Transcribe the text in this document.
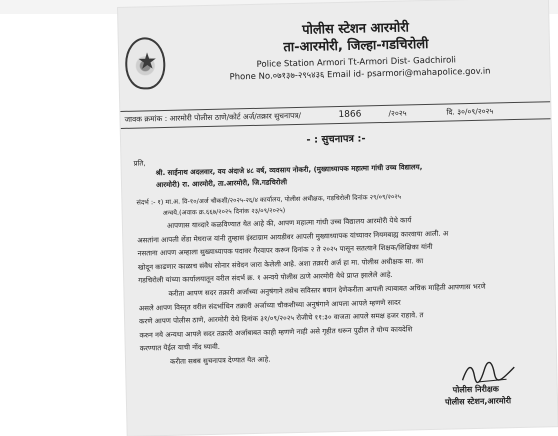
पोलीस स्टेशन आरमोरी
ता-आरमोरी, जिल्हा-गडचिरोली
Police Station Armori Tt-Armori Dist- Gadchiroli
Phone No.०७१३७-२९५४३६ Email id- psarmori@mahapolice.gov.in
जावक क्रमांक : आरमोरी पोलीस ठाणे/कोर्ट अर्ज/तक्रार सुचनापत्र/	1866	/२०२५	दि. ३०/०९/२०२५
- : सुचनापत्र :-
प्रति, श्री. साईनाथ अदलवार, वय अंदाजे ४८ वर्ष, व्यवसाय नोकरी, (मुख्याध्यापक महात्मा गांधी उच्च विद्यालय,
आरमोरी) रा. आरमोरी, ता.आरमोरी, जि.गडचिरोली
संदर्भ :- १) मा.अ. वि-१०/अर्ज चौकशी/२०२५-२६/४ कार्यालय, पोलीस अधीक्षक, गडचिरोली दिनांक २९/०९/२०२५
अन्वये.(अवाक क्र.६६७/२०२५ दिनांक २३/०९/२०२५)

आपणास याव्दारे कळविण्यात येत आहे की, आपण महात्मा गांधी उच्च विद्यालय आरमोरी येथे कार्य

असतांना आपली शेंडा मेघराज यांनी तुम्हास इंस्टाग्राम आयडीवर आपली मुख्याध्यापक यांच्यावर नियमबाह्य कारवाया आली. अ

नसताना आपण अम्हाला सुख्याध्यापक पदावर गैरवापर करून दिनांक २ ते २०२५ पासून सतत्याने शिक्षक/शिक्षिका यांनी

खोदून काढणार काळाच संवैध सोनार संवेदन जारा केलेली आहे. अशा तक्रारी अर्ज हा मा. पोलीस अधीक्षक सा. का

गडचिरोली यांच्या कार्यालयातून वरील संदर्भ क्र. १ अन्वये पोलीस ठाणे आरमोरी येथे प्राप्त झालेले आहे.

करीता आपण सदर तक्रारी अर्जाच्या अनुषंगाने तसेच सविस्तर बयान देणेकरीता आपली त्याबाबत अधिक माहिती आपणास भरणे

असले आपण विस्तृत वरील संदर्भाधिन तक्रारी अर्जाच्या चौकशीच्या अनुषंगाने आपला आपले म्हणणे सादर

करणे आपण पोलीस ठाणे, आरमोरी येथे दिनांक ३१/०९/२०२५ रोजीचे ११:३० वाजता आपले समक्ष हजर राहावे. त

करुन नये अन्यथा आपले सदर तक्रारी अर्जाबाबत काही म्हणणे नाही असे गृहीत धरून पुढील ते योग्य कायदेशि

करण्यात येईल याची नोंद घ्यावी.

करीता सबब सुचनापत्र देण्यात येत आहे.

पोलीस निरीक्षक
पोलीस स्टेशन,आरमोरी
